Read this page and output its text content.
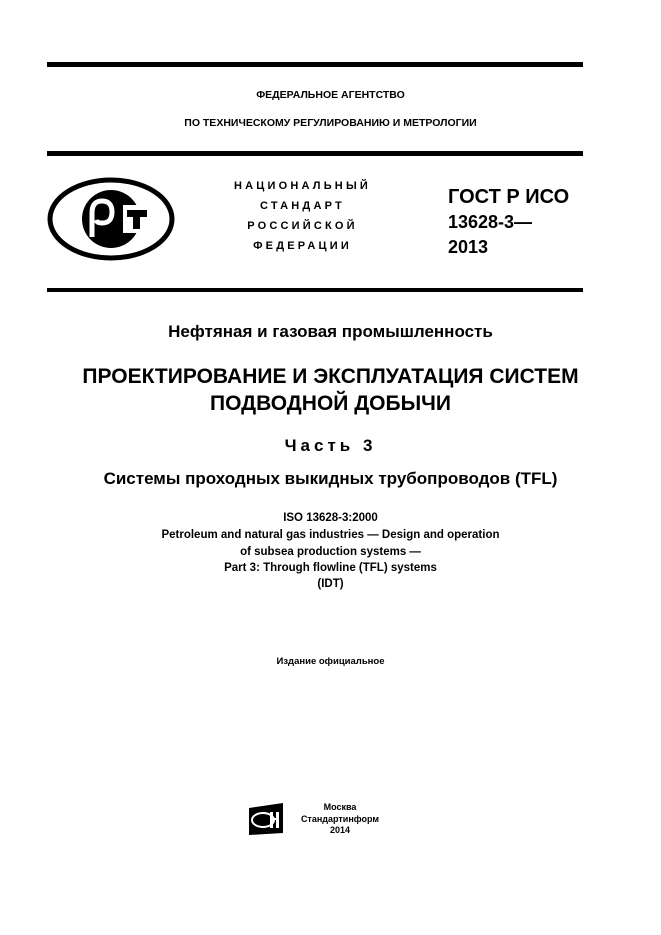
ФЕДЕРАЛЬНОЕ АГЕНТСТВО
ПО ТЕХНИЧЕСКОМУ РЕГУЛИРОВАНИЮ И МЕТРОЛОГИИ
НАЦИОНАЛЬНЫЙ
СТАНДАРТ
РОССИЙСКОЙ
ФЕДЕРАЦИИ
ГОСТ Р ИСО
13628-3—
2013
Нефтяная и газовая промышленность
ПРОЕКТИРОВАНИЕ И ЭКСПЛУАТАЦИЯ СИСТЕМ
ПОДВОДНОЙ ДОБЫЧИ
Часть 3
Системы проходных выкидных трубопроводов (TFL)
ISO 13628-3:2000
Petroleum and natural gas industries — Design and operation
of subsea production systems —
Part 3: Through flowline (TFL) systems
(IDT)
Издание официальное
Москва
Стандартинформ
2014
